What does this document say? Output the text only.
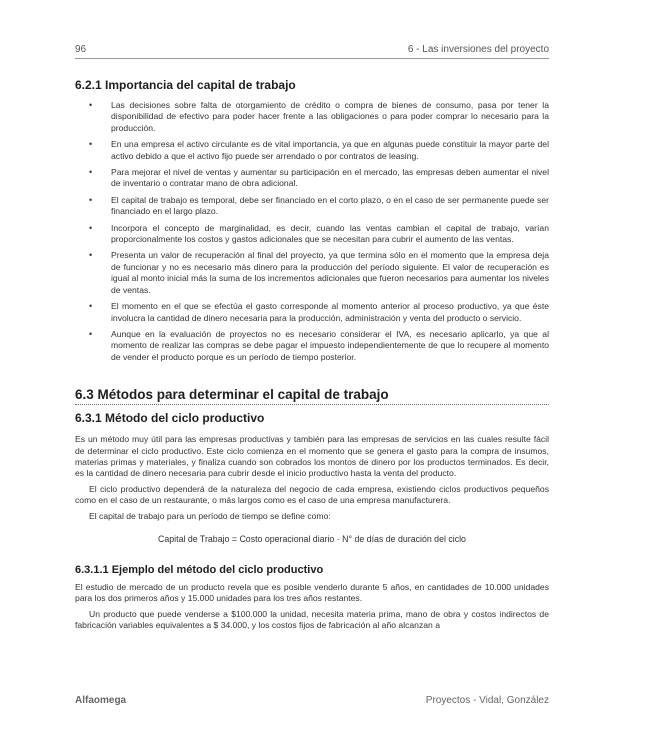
96	6 - Las inversiones del proyecto
6.2.1 Importancia del capital de trabajo
• Las decisiones sobre falta de otorgamiento de crédito o compra de bienes de consumo, pasa por tener la disponibilidad de efectivo para poder hacer frente a las obligaciones o para poder comprar lo necesario para la producción.
• En una empresa el activo circulante es de vital importancia, ya que en algunas puede constituir la mayor parte del activo debido a que el activo fijo puede ser arrendado o por contratos de leasing.
• Para mejorar el nivel de ventas y aumentar su participación en el mercado, las empresas deben aumentar el nivel de inventario o contratar mano de obra adicional.
• El capital de trabajo es temporal, debe ser financiado en el corto plazo, o en el caso de ser permanente puede ser financiado en el largo plazo.
• Incorpora el concepto de marginalidad, es decir, cuando las ventas cambian el capital de trabajo, varían proporcionalmente los costos y gastos adicionales que se necesitan para cubrir el aumento de las ventas.
• Presenta un valor de recuperación al final del proyecto, ya que termina sólo en el momento que la empresa deja de funcionar y no es necesario más dinero para la producción del período siguiente. El valor de recuperación es igual al monto inicial más la suma de los incrementos adicionales que fueron necesarios para aumentar los niveles de ventas.
• El momento en el que se efectúa el gasto corresponde al momento anterior al proceso productivo, ya que éste involucra la cantidad de dinero necesaria para la producción, administración y venta del producto o servicio.
• Aunque en la evaluación de proyectos no es necesario considerar el IVA, es necesario aplicarlo, ya que al momento de realizar las compras se debe pagar el impuesto independientemente de que lo recupere al momento de vender el producto porque es un período de tiempo posterior.
6.3 Métodos para determinar el capital de trabajo
6.3.1 Método del ciclo productivo

Es un método muy útil para las empresas productivas y también para las empresas de servicios en las cuales resulte fácil de determinar el ciclo productivo. Este ciclo comienza en el momento que se genera el gasto para la compra de insumos, materias primas y materiales, y finaliza cuando son cobrados los montos de dinero por los productos terminados. Es decir, es la cantidad de dinero necesaria para cubrir desde el inicio productivo hasta la venta del producto.

El ciclo productivo dependerá de la naturaleza del negocio de cada empresa, existiendo ciclos productivos pequeños como en el caso de un restaurante, o más largos como es el caso de una empresa manufacturera.

El capital de trabajo para un período de tiempo se define como:

Capital de Trabajo = Costo operacional diario · N° de días de duración del ciclo
6.3.1.1 Ejemplo del método del ciclo productivo

El estudio de mercado de un producto revela que es posible venderlo durante 5 años, en cantidades de 10.000 unidades para los dos primeros años y 15.000 unidades para los tres años restantes.

Un producto que puede venderse a $100.000 la unidad, necesita materia prima, mano de obra y costos indirectos de fabricación variables equivalentes a $ 34.000, y los costos fijos de fabricación al año alcanzan a

Alfaomega	Proyectos - Vidal, González
